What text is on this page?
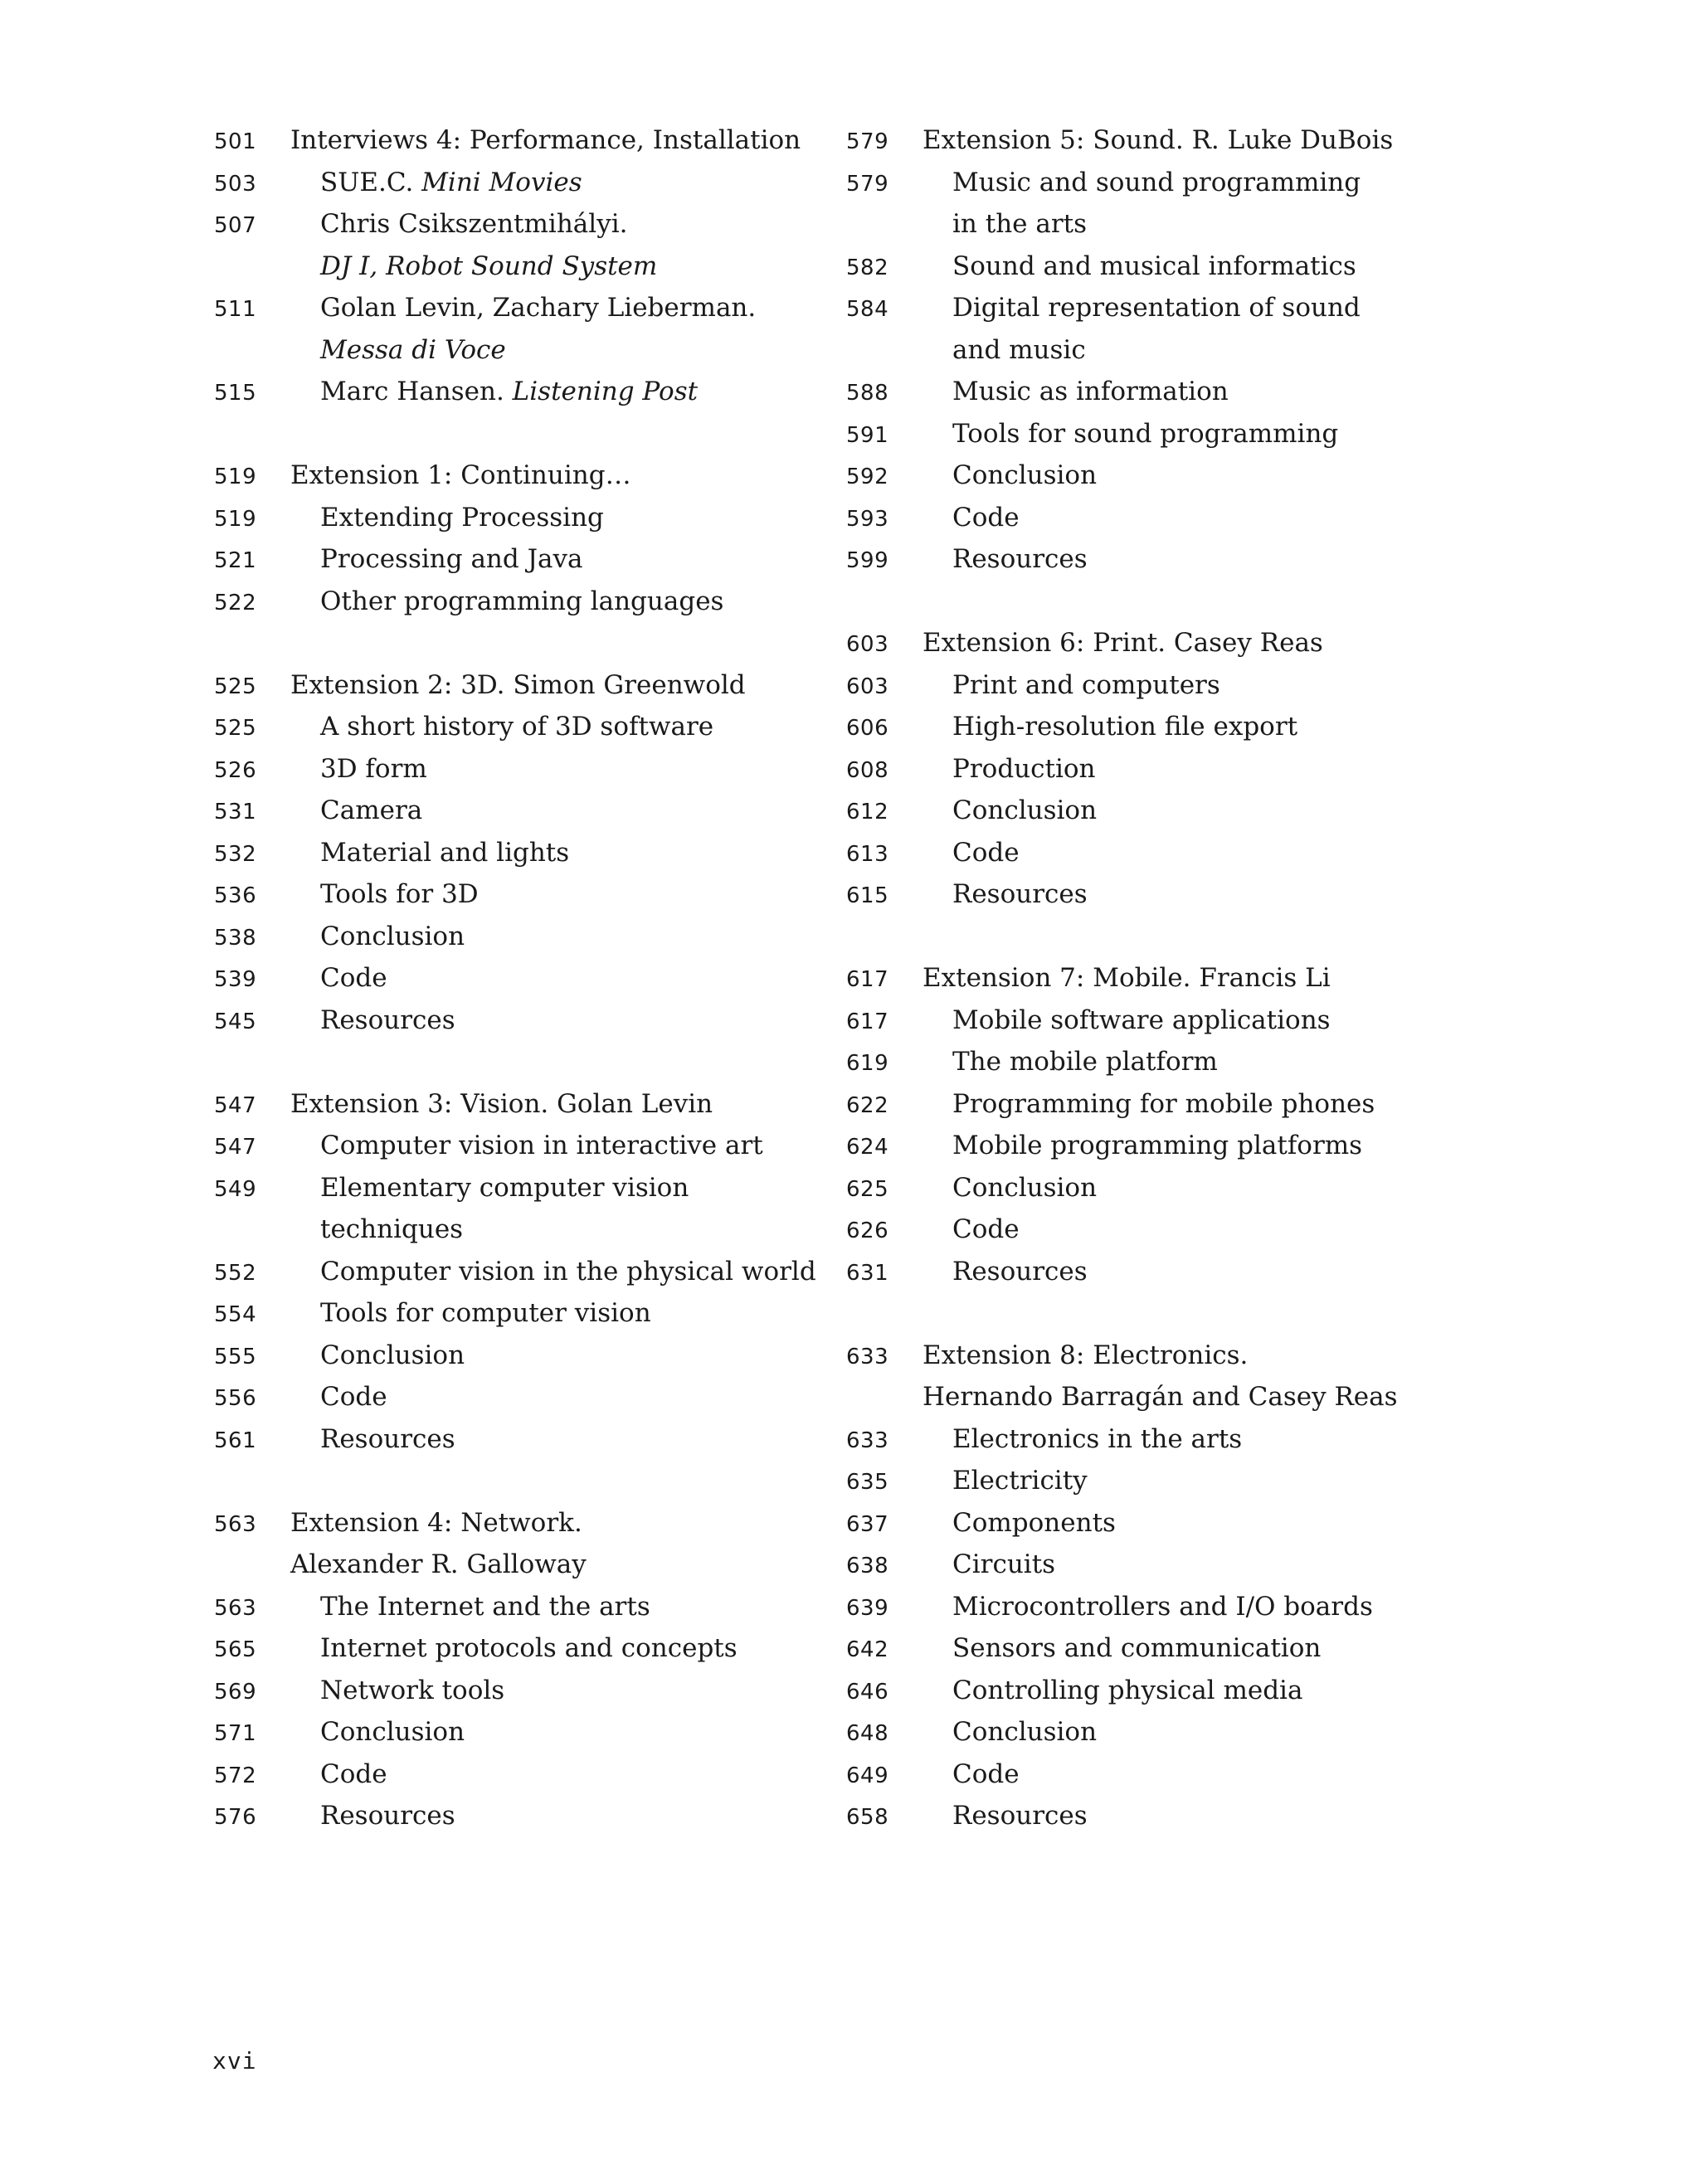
501	Interviews 4: Performance, Installation
503	SUE.C. Mini Movies
507	Chris Csikszentmihályi.
DJ I, Robot Sound System
511	Golan Levin, Zachary Lieberman.
Messa di Voce
515	Marc Hansen. Listening Post
519	Extension 1: Continuing…
519	Extending Processing
521	Processing and Java
522	Other programming languages
525	Extension 2: 3D. Simon Greenwold
525	A short history of 3D software
526	3D form
531	Camera
532	Material and lights
536	Tools for 3D
538	Conclusion
539	Code
545	Resources
547	Extension 3: Vision. Golan Levin
547	Computer vision in interactive art
549	Elementary computer vision
techniques
552	Computer vision in the physical world
554	Tools for computer vision
555	Conclusion
556	Code
561	Resources
563	Extension 4: Network.
Alexander R. Galloway
563	The Internet and the arts
565	Internet protocols and concepts
569	Network tools
571	Conclusion
572	Code
576	Resources
579	Extension 5: Sound. R. Luke DuBois
579	Music and sound programming
in the arts
582	Sound and musical informatics
584	Digital representation of sound
and music
588	Music as information
591	Tools for sound programming
592	Conclusion
593	Code
599	Resources
603	Extension 6: Print. Casey Reas
603	Print and computers
606	High-resolution file export
608	Production
612	Conclusion
613	Code
615	Resources
617	Extension 7: Mobile. Francis Li
617	Mobile software applications
619	The mobile platform
622	Programming for mobile phones
624	Mobile programming platforms
625	Conclusion
626	Code
631	Resources
633	Extension 8: Electronics.
Hernando Barragán and Casey Reas
633	Electronics in the arts
635	Electricity
637	Components
638	Circuits
639	Microcontrollers and I/O boards
642	Sensors and communication
646	Controlling physical media
648	Conclusion
649	Code
658	Resources
xvi
